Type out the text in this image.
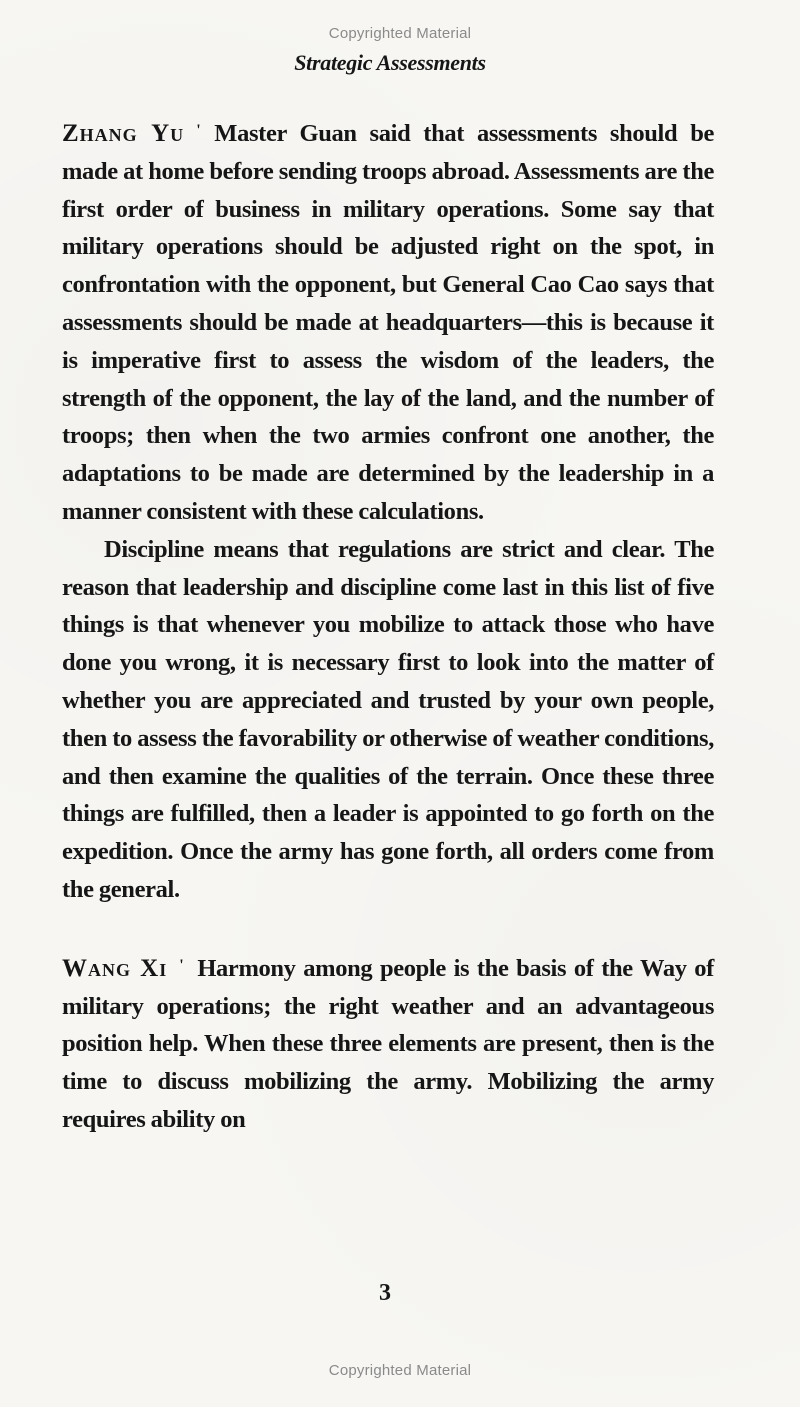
Copyrighted Material
Strategic Assessments

Zhang Yu ' Master Guan said that assessments should be made at home before sending troops abroad. Assessments are the first order of business in military operations. Some say that military operations should be adjusted right on the spot, in confrontation with the opponent, but General Cao Cao says that assessments should be made at headquarters—this is because it is imperative first to assess the wisdom of the leaders, the strength of the opponent, the lay of the land, and the number of troops; then when the two armies confront one another, the adaptations to be made are determined by the leadership in a manner consistent with these calculations.

Discipline means that regulations are strict and clear. The reason that leadership and discipline come last in this list of five things is that whenever you mobilize to attack those who have done you wrong, it is necessary first to look into the matter of whether you are appreciated and trusted by your own people, then to assess the favorability or otherwise of weather conditions, and then examine the qualities of the terrain. Once these three things are fulfilled, then a leader is appointed to go forth on the expedition. Once the army has gone forth, all orders come from the general.

Wang Xi ' Harmony among people is the basis of the Way of military operations; the right weather and an advantageous position help. When these three elements are present, then is the time to discuss mobilizing the army. Mobilizing the army requires ability on

3
Copyrighted Material
